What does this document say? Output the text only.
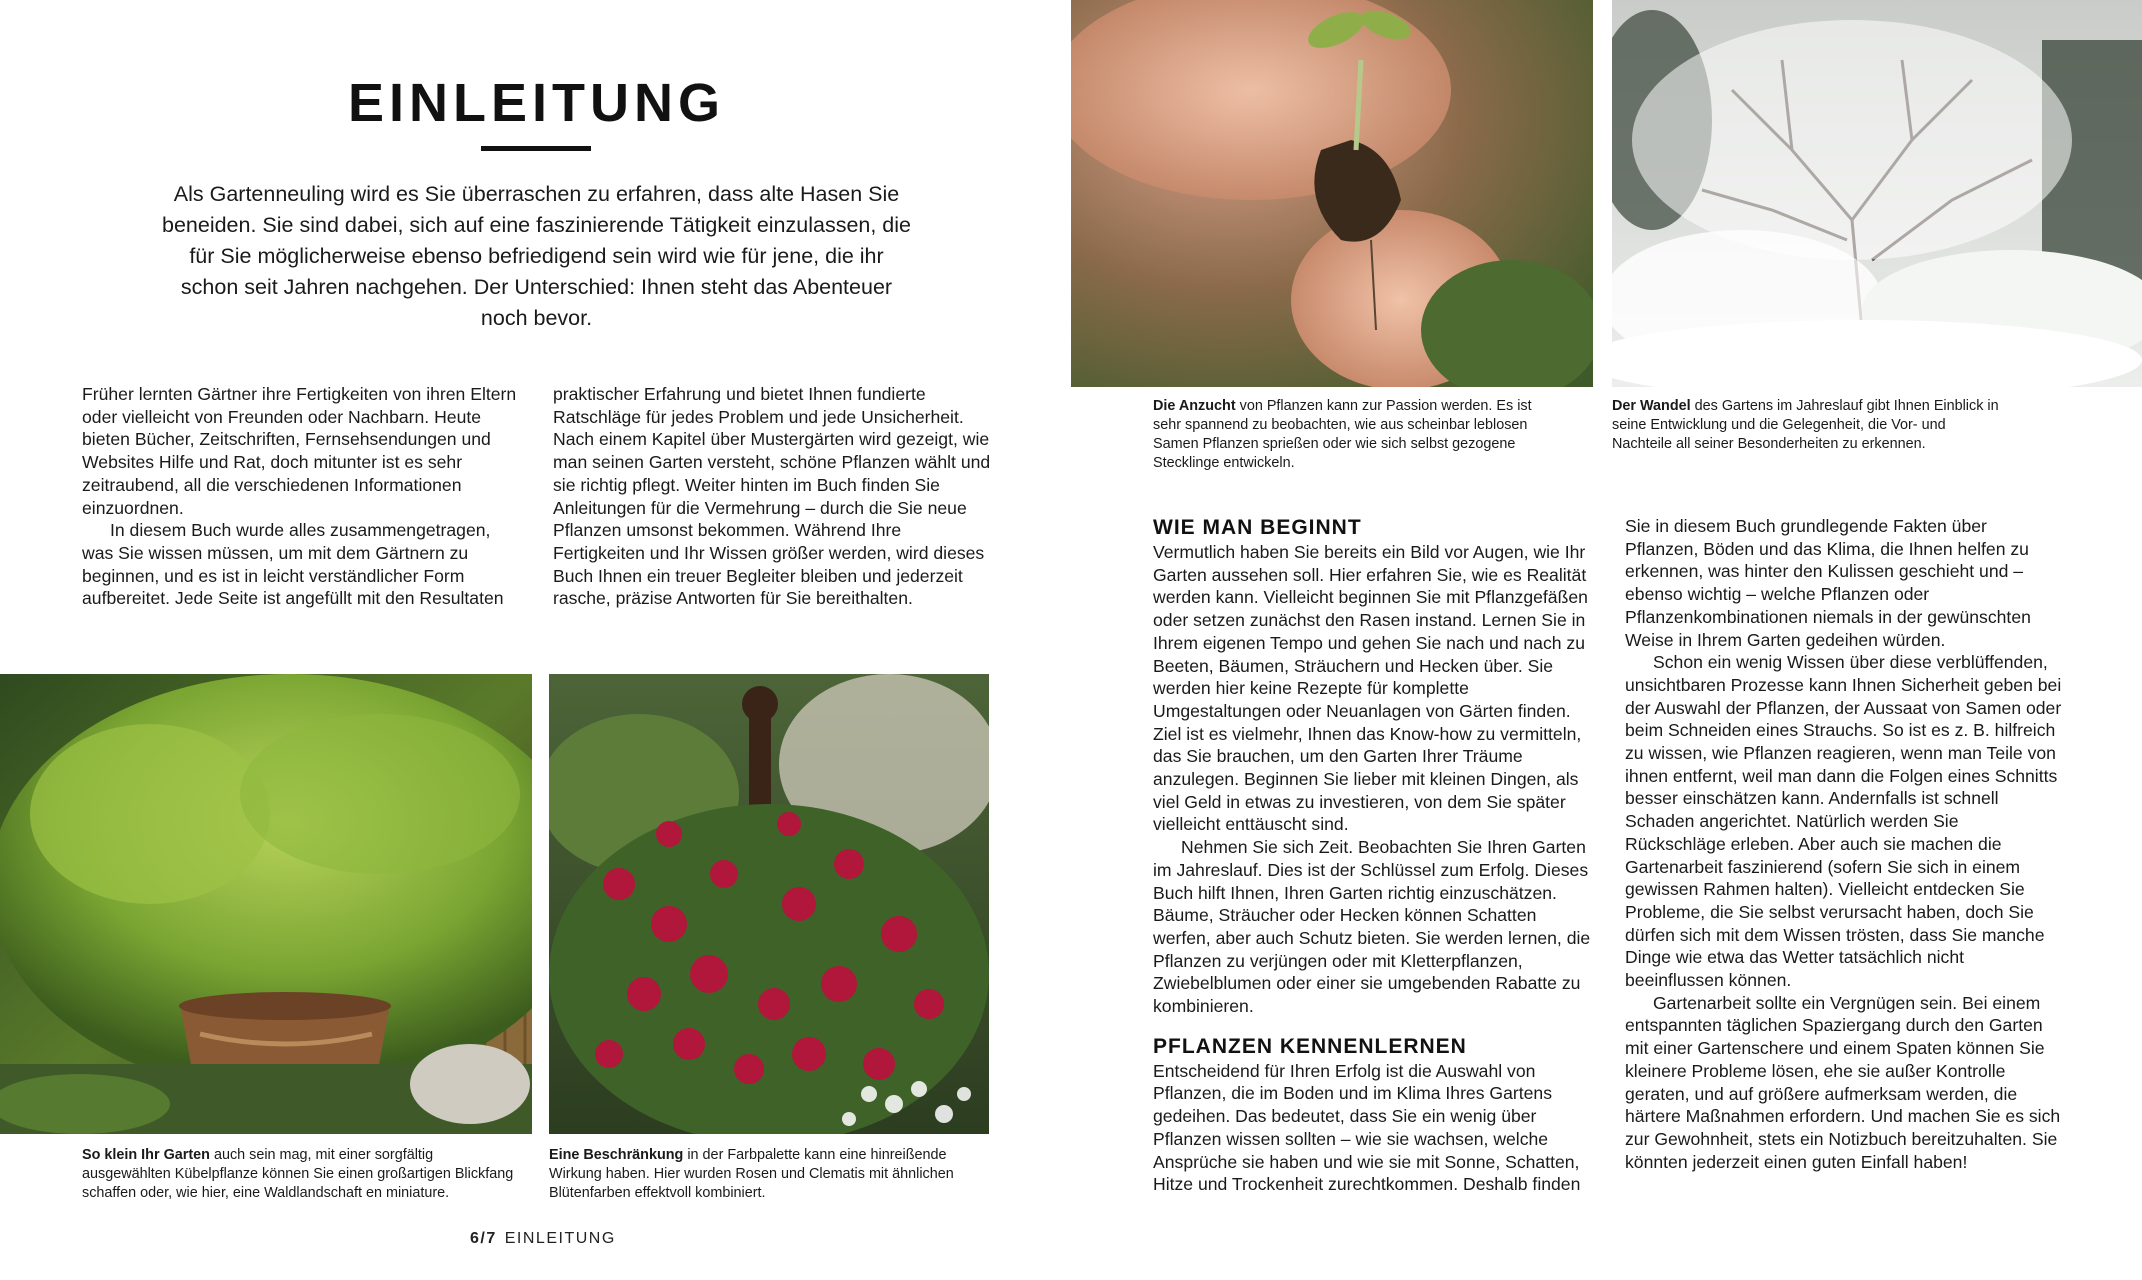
EINLEITUNG

Als Gartenneuling wird es Sie überraschen zu erfahren, dass alte Hasen Sie beneiden. Sie sind dabei, sich auf eine faszinierende Tätigkeit einzulassen, die für Sie möglicherweise ebenso befriedigend sein wird wie für jene, die ihr schon seit Jahren nachgehen. Der Unterschied: Ihnen steht das Abenteuer noch bevor.

Früher lernten Gärtner ihre Fertigkeiten von ihren Eltern oder vielleicht von Freunden oder Nachbarn. Heute bieten Bücher, Zeitschriften, Fernsehsendungen und Websites Hilfe und Rat, doch mitunter ist es sehr zeitraubend, all die verschiedenen Informationen einzuordnen.

In diesem Buch wurde alles zusammengetragen, was Sie wissen müssen, um mit dem Gärtnern zu beginnen, und es ist in leicht verständlicher Form aufbereitet. Jede Seite ist angefüllt mit den Resultaten praktischer Erfahrung und bietet Ihnen fundierte Ratschläge für jedes Problem und jede Unsicherheit. Nach einem Kapitel über Mustergärten wird gezeigt, wie man seinen Garten versteht, schöne Pflanzen wählt und sie richtig pflegt. Weiter hinten im Buch finden Sie Anleitungen für die Vermehrung – durch die Sie neue Pflanzen umsonst bekommen. Während Ihre Fertigkeiten und Ihr Wissen größer werden, wird dieses Buch Ihnen ein treuer Begleiter bleiben und jederzeit rasche, präzise Antworten für Sie bereithalten.

So klein Ihr Garten auch sein mag, mit einer sorgfältig ausgewählten Kübelpflanze können Sie einen großartigen Blickfang schaffen oder, wie hier, eine Waldlandschaft en miniature.
Eine Beschränkung in der Farbpalette kann eine hinreißende Wirkung haben. Hier wurden Rosen und Clematis mit ähnlichen Blütenfarben effektvoll kombiniert.
6/7 EINLEITUNG
Die Anzucht von Pflanzen kann zur Passion werden. Es ist sehr spannend zu beobachten, wie aus scheinbar leblosen Samen Pflanzen sprießen oder wie sich selbst gezogene Stecklinge entwickeln.
Der Wandel des Gartens im Jahreslauf gibt Ihnen Einblick in seine Entwicklung und die Gelegenheit, die Vor- und Nachteile all seiner Besonderheiten zu erkennen.
WIE MAN BEGINNT

Vermutlich haben Sie bereits ein Bild vor Augen, wie Ihr Garten aussehen soll. Hier erfahren Sie, wie es Realität werden kann. Vielleicht beginnen Sie mit Pflanzgefäßen oder setzen zunächst den Rasen instand. Lernen Sie in Ihrem eigenen Tempo und gehen Sie nach und nach zu Beeten, Bäumen, Sträuchern und Hecken über. Sie werden hier keine Rezepte für komplette Umgestaltungen oder Neuanlagen von Gärten finden. Ziel ist es vielmehr, Ihnen das Know-how zu vermitteln, das Sie brauchen, um den Garten Ihrer Träume anzulegen. Beginnen Sie lieber mit kleinen Dingen, als viel Geld in etwas zu investieren, von dem Sie später vielleicht enttäuscht sind.

Nehmen Sie sich Zeit. Beobachten Sie Ihren Garten im Jahreslauf. Dies ist der Schlüssel zum Erfolg. Dieses Buch hilft Ihnen, Ihren Garten richtig einzuschätzen. Bäume, Sträucher oder Hecken können Schatten werfen, aber auch Schutz bieten. Sie werden lernen, die Pflanzen zu verjüngen oder mit Kletterpflanzen, Zwiebelblumen oder einer sie umgebenden Rabatte zu kombinieren.

PFLANZEN KENNENLERNEN

Entscheidend für Ihren Erfolg ist die Auswahl von Pflanzen, die im Boden und im Klima Ihres Gartens gedeihen. Das bedeutet, dass Sie ein wenig über Pflanzen wissen sollten – wie sie wachsen, welche Ansprüche sie haben und wie sie mit Sonne, Schatten, Hitze und Trockenheit zurechtkommen. Deshalb finden Sie in diesem Buch grundlegende Fakten über Pflanzen, Böden und das Klima, die Ihnen helfen zu erkennen, was hinter den Kulissen geschieht und – ebenso wichtig – welche Pflanzen oder Pflanzenkombinationen niemals in der gewünschten Weise in Ihrem Garten gedeihen würden.

Schon ein wenig Wissen über diese verblüffenden, unsichtbaren Prozesse kann Ihnen Sicherheit geben bei der Auswahl der Pflanzen, der Aussaat von Samen oder beim Schneiden eines Strauchs. So ist es z. B. hilfreich zu wissen, wie Pflanzen reagieren, wenn man Teile von ihnen entfernt, weil man dann die Folgen eines Schnitts besser einschätzen kann. Andernfalls ist schnell Schaden angerichtet. Natürlich werden Sie Rückschläge erleben. Aber auch sie machen die Gartenarbeit faszinierend (sofern Sie sich in einem gewissen Rahmen halten). Vielleicht entdecken Sie Probleme, die Sie selbst verursacht haben, doch Sie dürfen sich mit dem Wissen trösten, dass Sie manche Dinge wie etwa das Wetter tatsächlich nicht beeinflussen können.

Gartenarbeit sollte ein Vergnügen sein. Bei einem entspannten täglichen Spaziergang durch den Garten mit einer Gartenschere und einem Spaten können Sie kleinere Probleme lösen, ehe sie außer Kontrolle geraten, und auf größere aufmerksam werden, die härtere Maßnahmen erfordern. Und machen Sie es sich zur Gewohnheit, stets ein Notizbuch bereitzuhalten. Sie könnten jederzeit einen guten Einfall haben!
